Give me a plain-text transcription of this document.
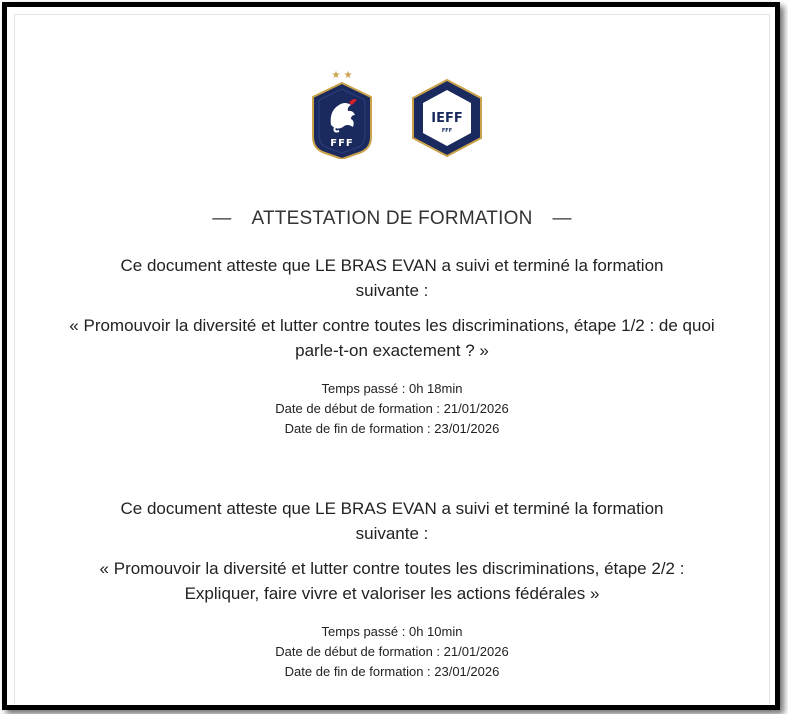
★ ★
FFF
IEFF
FFF
— ATTESTATION DE FORMATION —
Ce document atteste que LE BRAS EVAN a suivi et terminé la formation suivante :
« Promouvoir la diversité et lutter contre toutes les discriminations, étape 1/2 : de quoi parle-t-on exactement ? »
Temps passé : 0h 18min
Date de début de formation : 21/01/2026
Date de fin de formation : 23/01/2026
Ce document atteste que LE BRAS EVAN a suivi et terminé la formation suivante :
« Promouvoir la diversité et lutter contre toutes les discriminations, étape 2/2 : Expliquer, faire vivre et valoriser les actions fédérales »
Temps passé : 0h 10min
Date de début de formation : 21/01/2026
Date de fin de formation : 23/01/2026
